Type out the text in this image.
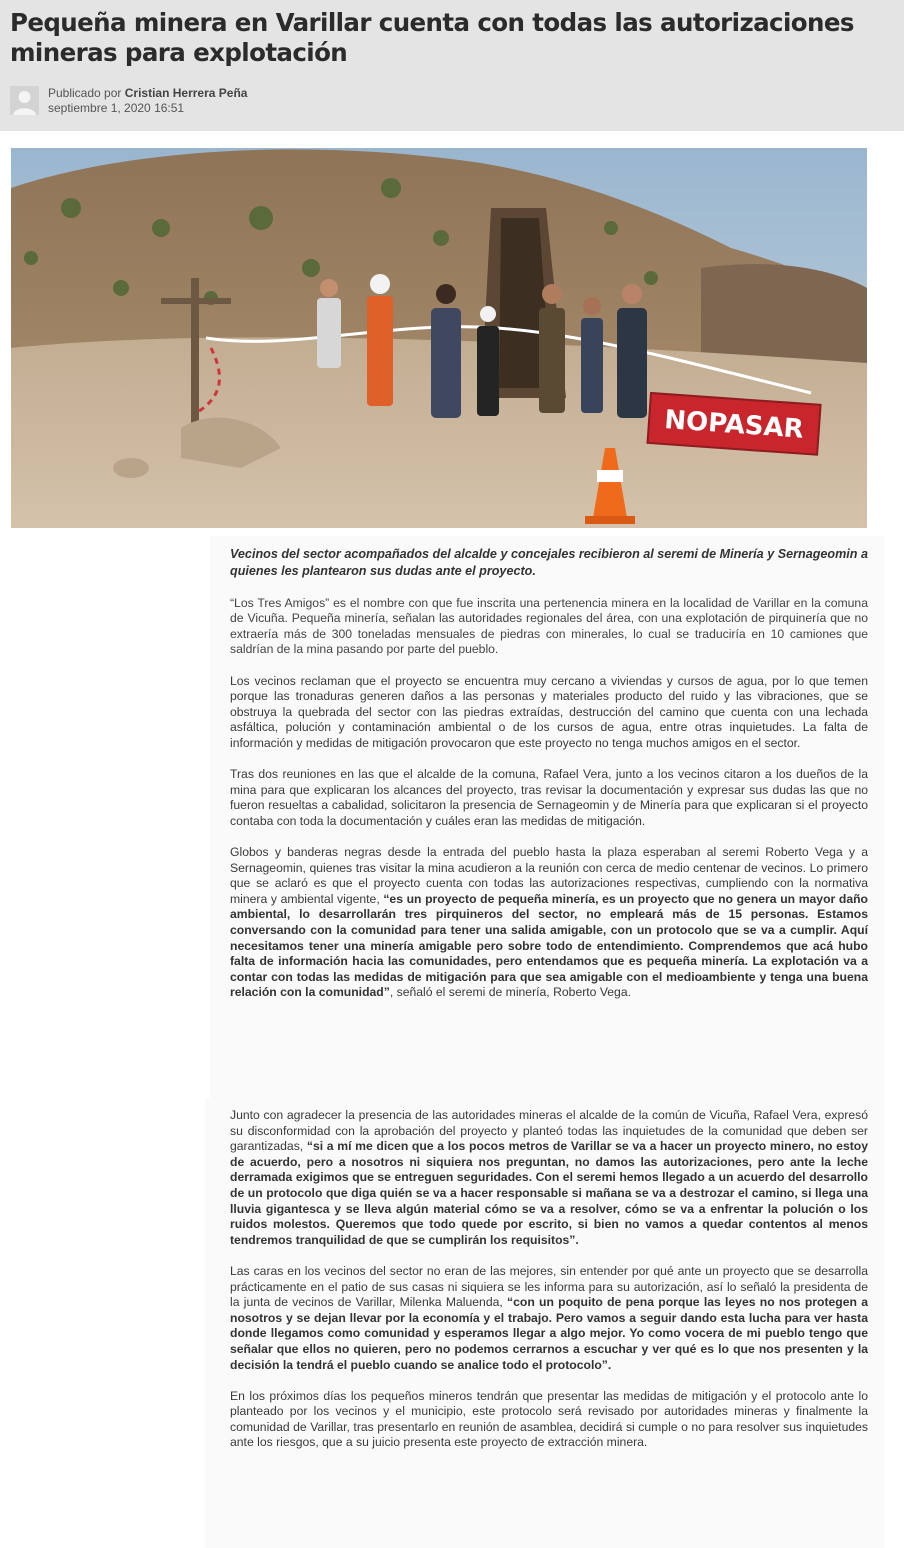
Pequeña minera en Varillar cuenta con todas las autorizaciones mineras para explotación
Publicado por Cristian Herrera Peña
septiembre 1, 2020 16:51
NOPASAR

Vecinos del sector acompañados del alcalde y concejales recibieron al seremi de Minería y Sernageomin a quienes les plantearon sus dudas ante el proyecto.

“Los Tres Amigos” es el nombre con que fue inscrita una pertenencia minera en la localidad de Varillar en la comuna de Vicuña. Pequeña minería, señalan las autoridades regionales del área, con una explotación de pirquinería que no extraería más de 300 toneladas mensuales de piedras con minerales, lo cual se traduciría en 10 camiones que saldrían de la mina pasando por parte del pueblo.

Los vecinos reclaman que el proyecto se encuentra muy cercano a viviendas y cursos de agua, por lo que temen porque las tronaduras generen daños a las personas y materiales producto del ruido y las vibraciones, que se obstruya la quebrada del sector con las piedras extraídas, destrucción del camino que cuenta con una lechada asfáltica, polución y contaminación ambiental o de los cursos de agua, entre otras inquietudes. La falta de información y medidas de mitigación provocaron que este proyecto no tenga muchos amigos en el sector.

Tras dos reuniones en las que el alcalde de la comuna, Rafael Vera, junto a los vecinos citaron a los dueños de la mina para que explicaran los alcances del proyecto, tras revisar la documentación y expresar sus dudas las que no fueron resueltas a cabalidad, solicitaron la presencia de Sernageomin y de Minería para que explicaran si el proyecto contaba con toda la documentación y cuáles eran las medidas de mitigación.

Globos y banderas negras desde la entrada del pueblo hasta la plaza esperaban al seremi Roberto Vega y a Sernageomin, quienes tras visitar la mina acudieron a la reunión con cerca de medio centenar de vecinos. Lo primero que se aclaró es que el proyecto cuenta con todas las autorizaciones respectivas, cumpliendo con la normativa minera y ambiental vigente, “es un proyecto de pequeña minería, es un proyecto que no genera un mayor daño ambiental, lo desarrollarán tres pirquineros del sector, no empleará más de 15 personas. Estamos conversando con la comunidad para tener una salida amigable, con un protocolo que se va a cumplir. Aquí necesitamos tener una minería amigable pero sobre todo de entendimiento. Comprendemos que acá hubo falta de información hacia las comunidades, pero entendamos que es pequeña minería. La explotación va a contar con todas las medidas de mitigación para que sea amigable con el medioambiente y tenga una buena relación con la comunidad”, señaló el seremi de minería, Roberto Vega.

Junto con agradecer la presencia de las autoridades mineras el alcalde de la común de Vicuña, Rafael Vera, expresó su disconformidad con la aprobación del proyecto y planteó todas las inquietudes de la comunidad que deben ser garantizadas, “si a mí me dicen que a los pocos metros de Varillar se va a hacer un proyecto minero, no estoy de acuerdo, pero a nosotros ni siquiera nos preguntan, no damos las autorizaciones, pero ante la leche derramada exigimos que se entreguen seguridades. Con el seremi hemos llegado a un acuerdo del desarrollo de un protocolo que diga quién se va a hacer responsable si mañana se va a destrozar el camino, si llega una lluvia gigantesca y se lleva algún material cómo se va a resolver, cómo se va a enfrentar la polución o los ruidos molestos. Queremos que todo quede por escrito, si bien no vamos a quedar contentos al menos tendremos tranquilidad de que se cumplirán los requisitos”.

Las caras en los vecinos del sector no eran de las mejores, sin entender por qué ante un proyecto que se desarrolla prácticamente en el patio de sus casas ni siquiera se les informa para su autorización, así lo señaló la presidenta de la junta de vecinos de Varillar, Milenka Maluenda, “con un poquito de pena porque las leyes no nos protegen a nosotros y se dejan llevar por la economía y el trabajo. Pero vamos a seguir dando esta lucha para ver hasta donde llegamos como comunidad y esperamos llegar a algo mejor. Yo como vocera de mi pueblo tengo que señalar que ellos no quieren, pero no podemos cerrarnos a escuchar y ver qué es lo que nos presenten y la decisión la tendrá el pueblo cuando se analice todo el protocolo”.

En los próximos días los pequeños mineros tendrán que presentar las medidas de mitigación y el protocolo ante lo planteado por los vecinos y el municipio, este protocolo será revisado por autoridades mineras y finalmente la comunidad de Varillar, tras presentarlo en reunión de asamblea, decidirá si cumple o no para resolver sus inquietudes ante los riesgos, que a su juicio presenta este proyecto de extracción minera.
